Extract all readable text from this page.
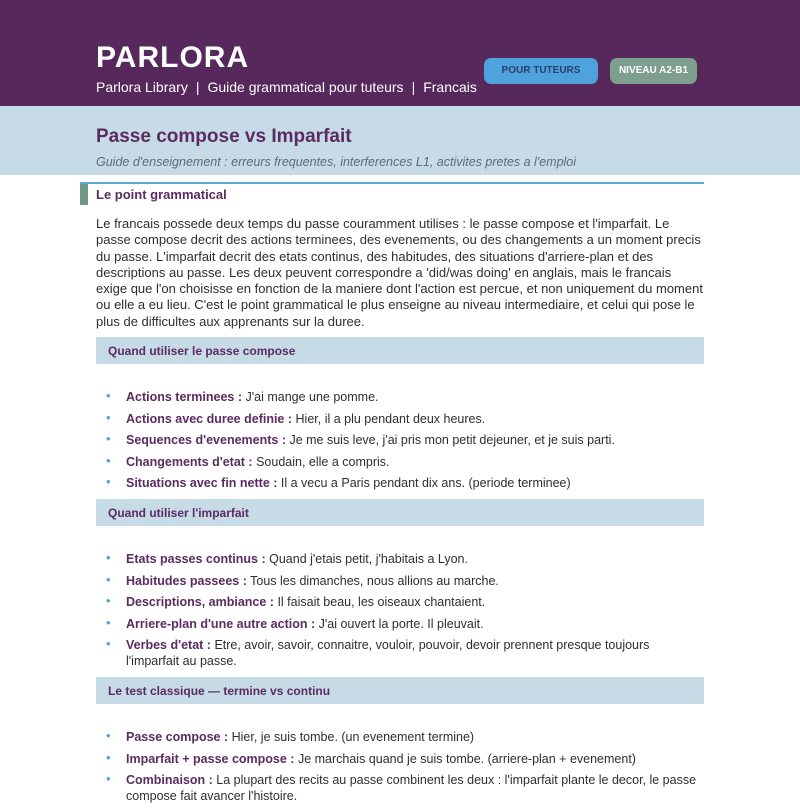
PARLORA
Parlora Library | Guide grammatical pour tuteurs | Francais
POUR TUTEURS	NIVEAU A2-B1
Passe compose vs Imparfait
Guide d'enseignement : erreurs frequentes, interferences L1, activites pretes a l'emploi
Le point grammatical

Le francais possede deux temps du passe couramment utilises : le passe compose et l'imparfait. Le passe compose decrit des actions terminees, des evenements, ou des changements a un moment precis du passe. L'imparfait decrit des etats continus, des habitudes, des situations d'arriere-plan et des descriptions au passe. Les deux peuvent correspondre a 'did/was doing' en anglais, mais le francais exige que l'on choisisse en fonction de la maniere dont l'action est percue, et non uniquement du moment ou elle a eu lieu. C'est le point grammatical le plus enseigne au niveau intermediaire, et celui qui pose le plus de difficultes aux apprenants sur la duree.

Quand utiliser le passe compose
• Actions terminees : J'ai mange une pomme.
• Actions avec duree definie : Hier, il a plu pendant deux heures.
• Sequences d'evenements : Je me suis leve, j'ai pris mon petit dejeuner, et je suis parti.
• Changements d'etat : Soudain, elle a compris.
• Situations avec fin nette : Il a vecu a Paris pendant dix ans. (periode terminee)
Quand utiliser l'imparfait
• Etats passes continus : Quand j'etais petit, j'habitais a Lyon.
• Habitudes passees : Tous les dimanches, nous allions au marche.
• Descriptions, ambiance : Il faisait beau, les oiseaux chantaient.
• Arriere-plan d'une autre action : J'ai ouvert la porte. Il pleuvait.
• Verbes d'etat : Etre, avoir, savoir, connaitre, vouloir, pouvoir, devoir prennent presque toujours l'imparfait au passe.
Le test classique — termine vs continu
• Passe compose : Hier, je suis tombe. (un evenement termine)
• Imparfait + passe compose : Je marchais quand je suis tombe. (arriere-plan + evenement)
• Combinaison : La plupart des recits au passe combinent les deux : l'imparfait plante le decor, le passe compose fait avancer l'histoire.
